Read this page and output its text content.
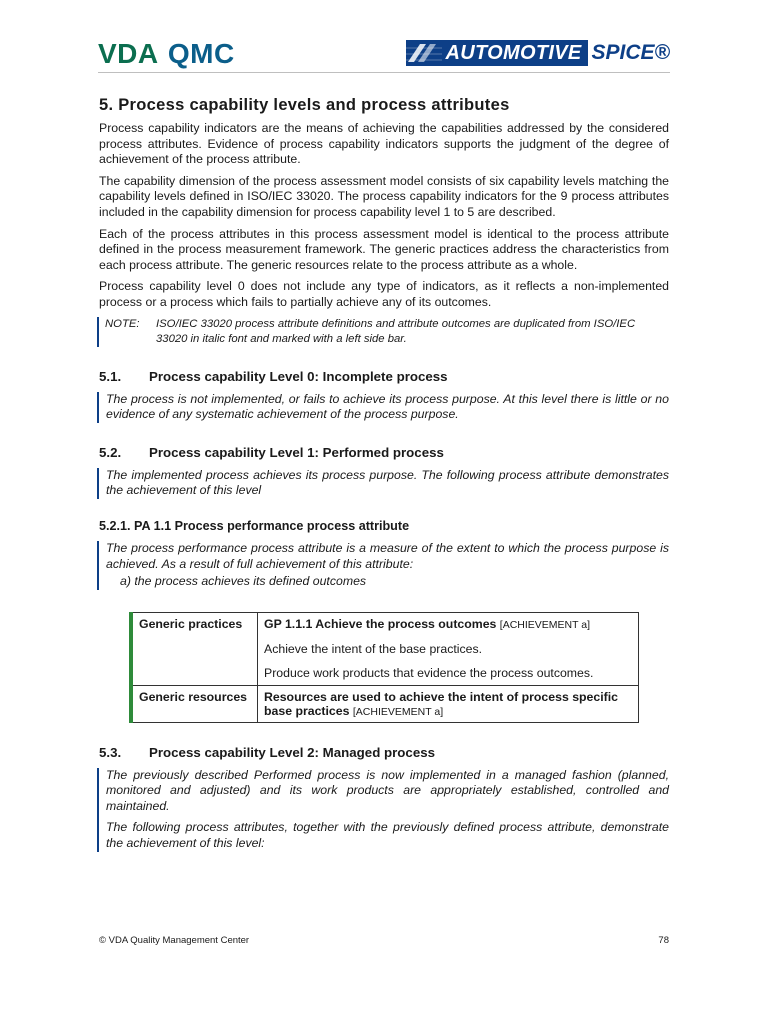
VDA QMC	AUTOMOTIVE SPICE®
5. Process capability levels and process attributes

Process capability indicators are the means of achieving the capabilities addressed by the considered process attributes. Evidence of process capability indicators supports the judgment of the degree of achievement of the process attribute.

The capability dimension of the process assessment model consists of six capability levels matching the capability levels defined in ISO/IEC 33020. The process capability indicators for the 9 process attributes included in the capability dimension for process capability level 1 to 5 are described.

Each of the process attributes in this process assessment model is identical to the process attribute defined in the process measurement framework. The generic practices address the characteristics from each process attribute. The generic resources relate to the process attribute as a whole.

Process capability level 0 does not include any type of indicators, as it reflects a non-implemented process or a process which fails to partially achieve any of its outcomes.

NOTE:	ISO/IEC 33020 process attribute definitions and attribute outcomes are duplicated from ISO/IEC 33020 in italic font and marked with a left side bar.
5.1.	Process capability Level 0: Incomplete process

The process is not implemented, or fails to achieve its process purpose. At this level there is little or no evidence of any systematic achievement of the process purpose.

5.2.	Process capability Level 1: Performed process

The implemented process achieves its process purpose. The following process attribute demonstrates the achievement of this level

5.2.1. PA 1.1 Process performance process attribute

The process performance process attribute is a measure of the extent to which the process purpose is achieved. As a result of full achievement of this attribute:

a) the process achieves its defined outcomes

Generic practices	GP 1.1.1 Achieve the process outcomes [ACHIEVEMENT a]
Achieve the intent of the base practices.
Produce work products that evidence the process outcomes.

Generic resources	Resources are used to achieve the intent of process specific base practices [ACHIEVEMENT a]
5.3.	Process capability Level 2: Managed process

The previously described Performed process is now implemented in a managed fashion (planned, monitored and adjusted) and its work products are appropriately established, controlled and maintained.

The following process attributes, together with the previously defined process attribute, demonstrate the achievement of this level:

© VDA Quality Management Center	78
